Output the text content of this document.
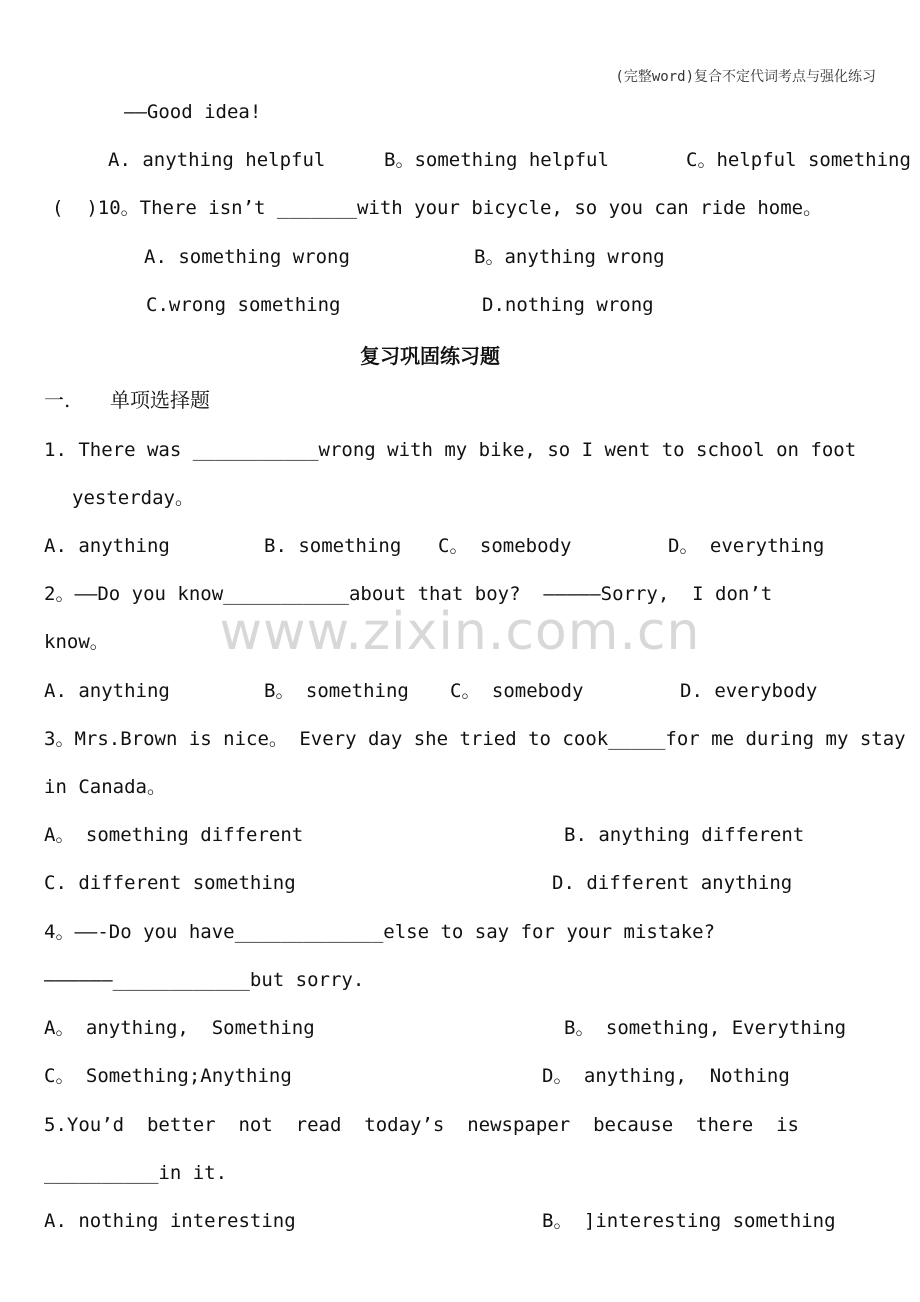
(完整word)复合不定代词考点与强化练习
——Good idea!
A. anything helpful	B。something helpful	C。helpful something
(  )10。There isn’t _______with your bicycle, so you can ride home。
A. something wrong	B。anything wrong
C.wrong something	D.nothing wrong
复习巩固练习题
一. 单项选择题
www.zixin.com.cn
1. There was ___________wrong with my bike, so I went to school on foot
yesterday。
A. anything	B. something C。 somebody	D。 everything
2。——Do you know___________about that boy?  ———–—Sorry,  I don’t
know。
A. anything	B。 something C。 somebody	D. everybody
3。Mrs.Brown is nice。 Every day she tried to cook_____for me during my stay
in Canada。
A。 something different	B. anything different
C. different something	D. different anything
4。——-Do you have_____________else to say for your mistake?
——————____________but sorry.
A。 anything,  Something	B。 something, Everything
C。 Something;Anything	D。 anything,  Nothing
5.You’d  better  not  read  today’s  newspaper  because  there  is
__________in it.
A. nothing interesting	B。 ]interesting something
